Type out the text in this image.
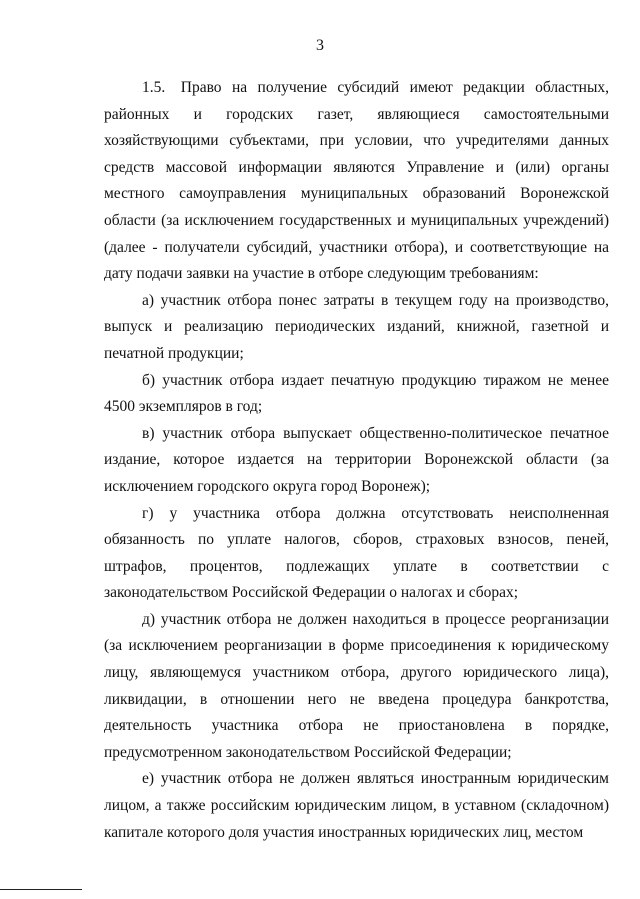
3

1.5. Право на получение субсидий имеют редакции областных, районных и городских газет, являющиеся самостоятельными хозяйствующими субъектами, при условии, что учредителями данных средств массовой информации являются Управление и (или) органы местного самоуправления муниципальных образований Воронежской области (за исключением государственных и муниципальных учреждений) (далее - получатели субсидий, участники отбора), и соответствующие на дату подачи заявки на участие в отборе следующим требованиям:

а) участник отбора понес затраты в текущем году на производство, выпуск и реализацию периодических изданий, книжной, газетной и печатной продукции;

б) участник отбора издает печатную продукцию тиражом не менее 4500 экземпляров в год;

в) участник отбора выпускает общественно-политическое печатное издание, которое издается на территории Воронежской области (за исключением городского округа город Воронеж);

г) у участника отбора должна отсутствовать неисполненная обязанность по уплате налогов, сборов, страховых взносов, пеней, штрафов, процентов, подлежащих уплате в соответствии с законодательством Российской Федерации о налогах и сборах;

д) участник отбора не должен находиться в процессе реорганизации (за исключением реорганизации в форме присоединения к юридическому лицу, являющемуся участником отбора, другого юридического лица), ликвидации, в отношении него не введена процедура банкротства, деятельность участника отбора не приостановлена в порядке, предусмотренном законодательством Российской Федерации;

е) участник отбора не должен являться иностранным юридическим лицом, а также российским юридическим лицом, в уставном (складочном) капитале которого доля участия иностранных юридических лиц, местом
